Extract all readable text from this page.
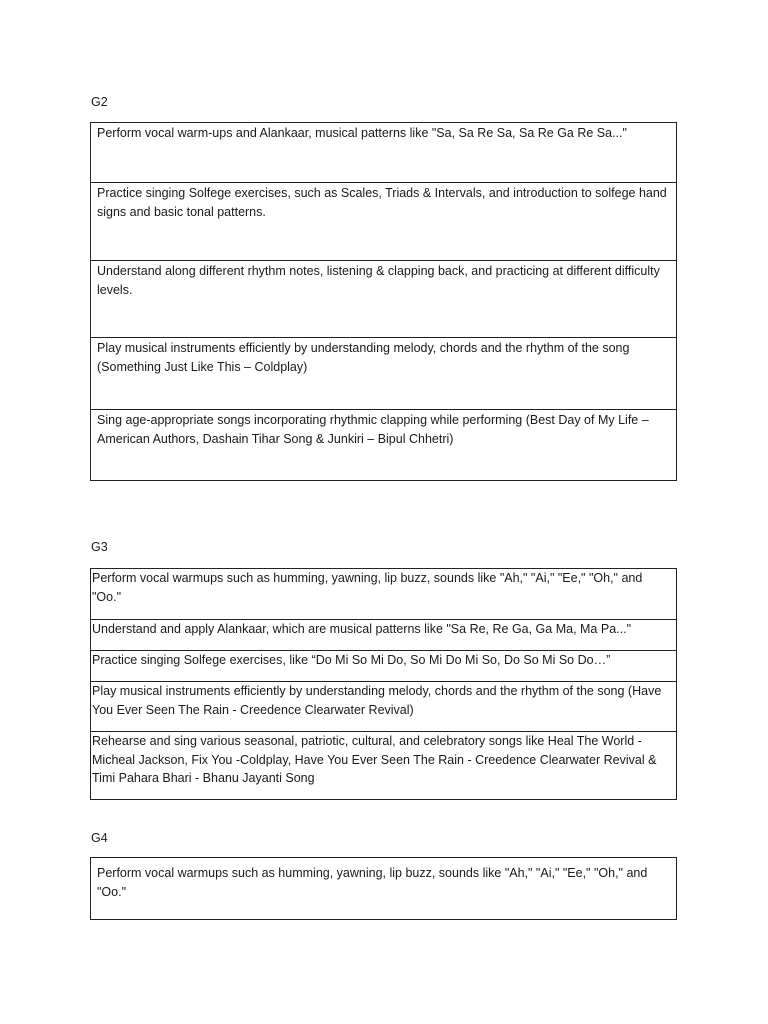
G2
Perform vocal warm-ups and Alankaar, musical patterns like "Sa, Sa Re Sa, Sa Re Ga Re Sa..."
Practice singing Solfege exercises, such as Scales, Triads & Intervals, and introduction to solfege hand signs and basic tonal patterns.
Understand along different rhythm notes, listening & clapping back, and practicing at different difficulty levels.
Play musical instruments efficiently by understanding melody, chords and the rhythm of the song (Something Just Like This – Coldplay)
Sing age-appropriate songs incorporating rhythmic clapping while performing (Best Day of My Life – American Authors, Dashain Tihar Song & Junkiri – Bipul Chhetri)
G3
Perform vocal warmups such as humming, yawning, lip buzz, sounds like "Ah," "Ai," "Ee," "Oh," and "Oo."
Understand and apply Alankaar, which are musical patterns like "Sa Re, Re Ga, Ga Ma, Ma Pa..."
Practice singing Solfege exercises, like “Do Mi So Mi Do, So Mi Do Mi So, Do So Mi So Do…”
Play musical instruments efficiently by understanding melody, chords and the rhythm of the song (Have You Ever Seen The Rain - Creedence Clearwater Revival)
Rehearse and sing various seasonal, patriotic, cultural, and celebratory songs like Heal The World - Micheal Jackson, Fix You -Coldplay, Have You Ever Seen The Rain - Creedence Clearwater Revival & Timi Pahara Bhari - Bhanu Jayanti Song
G4
Perform vocal warmups such as humming, yawning, lip buzz, sounds like "Ah," "Ai," "Ee," "Oh," and "Oo."
